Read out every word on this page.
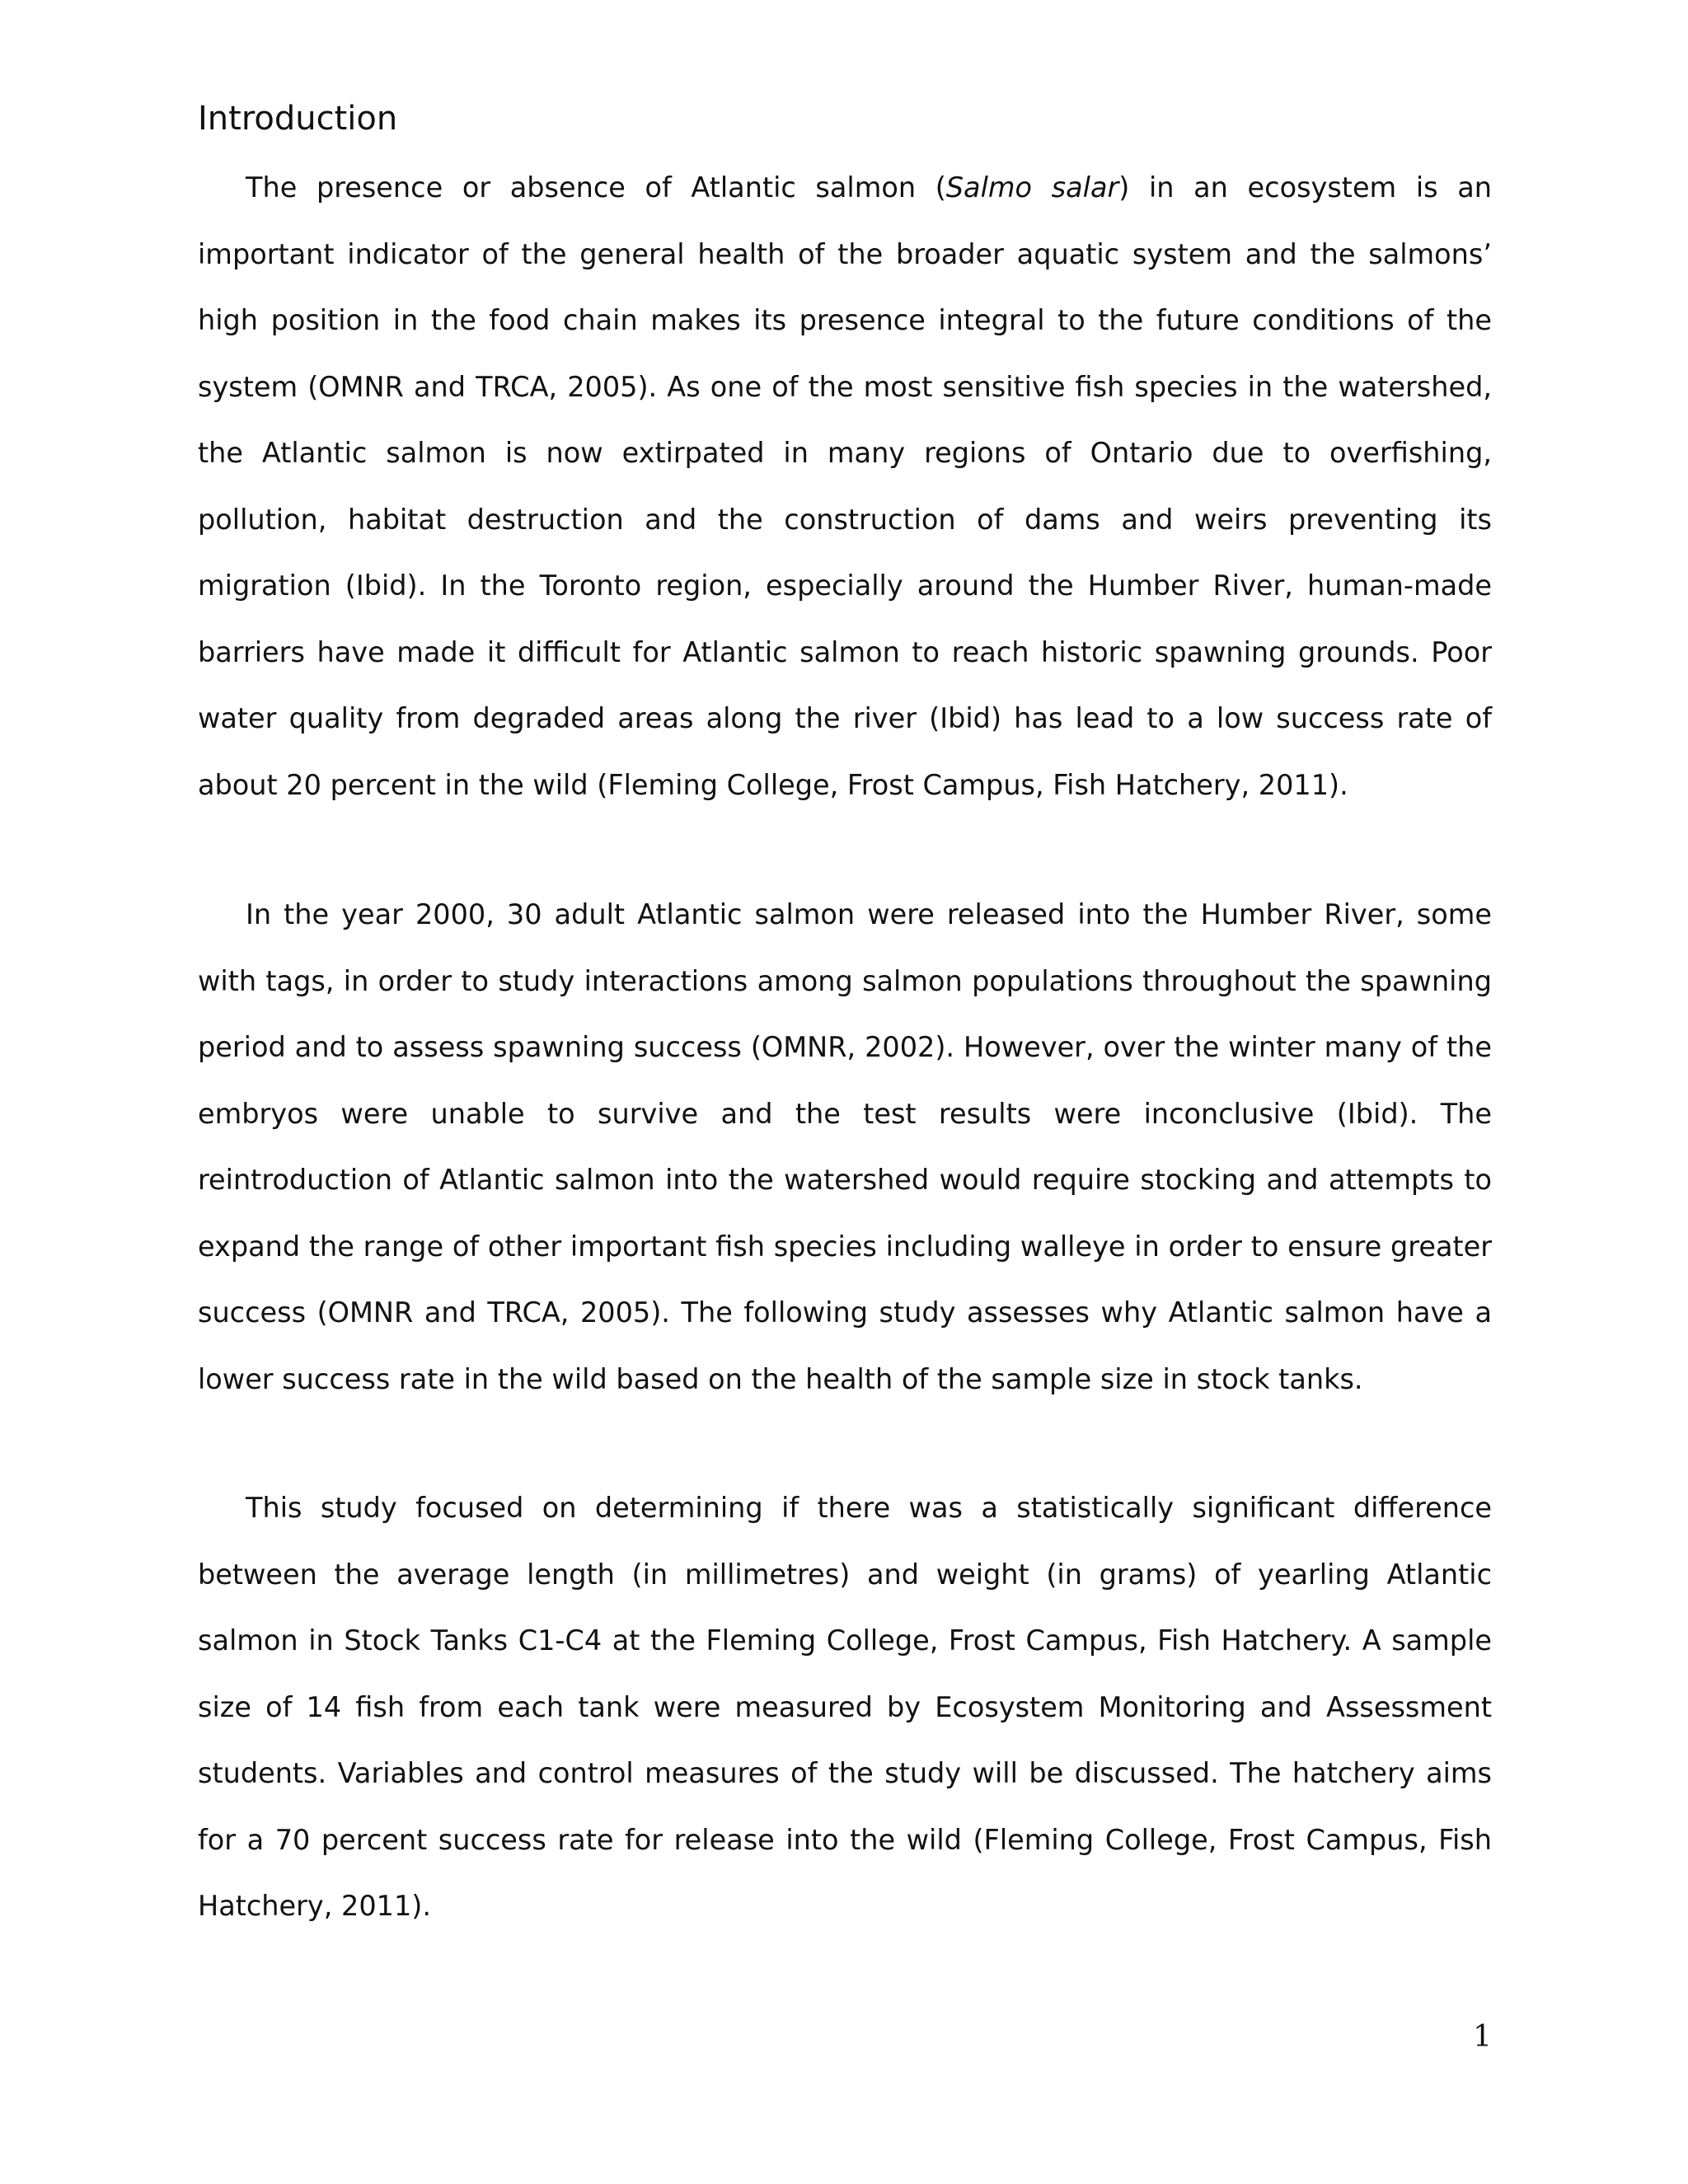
Introduction

The presence or absence of Atlantic salmon (Salmo salar) in an ecosystem is an important indicator of the general health of the broader aquatic system and the salmons’ high position in the food chain makes its presence integral to the future conditions of the system (OMNR and TRCA, 2005). As one of the most sensitive fish species in the watershed, the Atlantic salmon is now extirpated in many regions of Ontario due to overfishing, pollution, habitat destruction and the construction of dams and weirs preventing its migration (Ibid). In the Toronto region, especially around the Humber River, human-made barriers have made it difficult for Atlantic salmon to reach historic spawning grounds. Poor water quality from degraded areas along the river (Ibid) has lead to a low success rate of about 20 percent in the wild (Fleming College, Frost Campus, Fish Hatchery, 2011).

In the year 2000, 30 adult Atlantic salmon were released into the Humber River, some with tags, in order to study interactions among salmon populations throughout the spawning period and to assess spawning success (OMNR, 2002). However, over the winter many of the embryos were unable to survive and the test results were inconclusive (Ibid). The reintroduction of Atlantic salmon into the watershed would require stocking and attempts to expand the range of other important fish species including walleye in order to ensure greater success (OMNR and TRCA, 2005). The following study assesses why Atlantic salmon have a lower success rate in the wild based on the health of the sample size in stock tanks.

This study focused on determining if there was a statistically significant difference between the average length (in millimetres) and weight (in grams) of yearling Atlantic salmon in Stock Tanks C1-C4 at the Fleming College, Frost Campus, Fish Hatchery. A sample size of 14 fish from each tank were measured by Ecosystem Monitoring and Assessment students. Variables and control measures of the study will be discussed. The hatchery aims for a 70 percent success rate for release into the wild (Fleming College, Frost Campus, Fish Hatchery, 2011).

1
